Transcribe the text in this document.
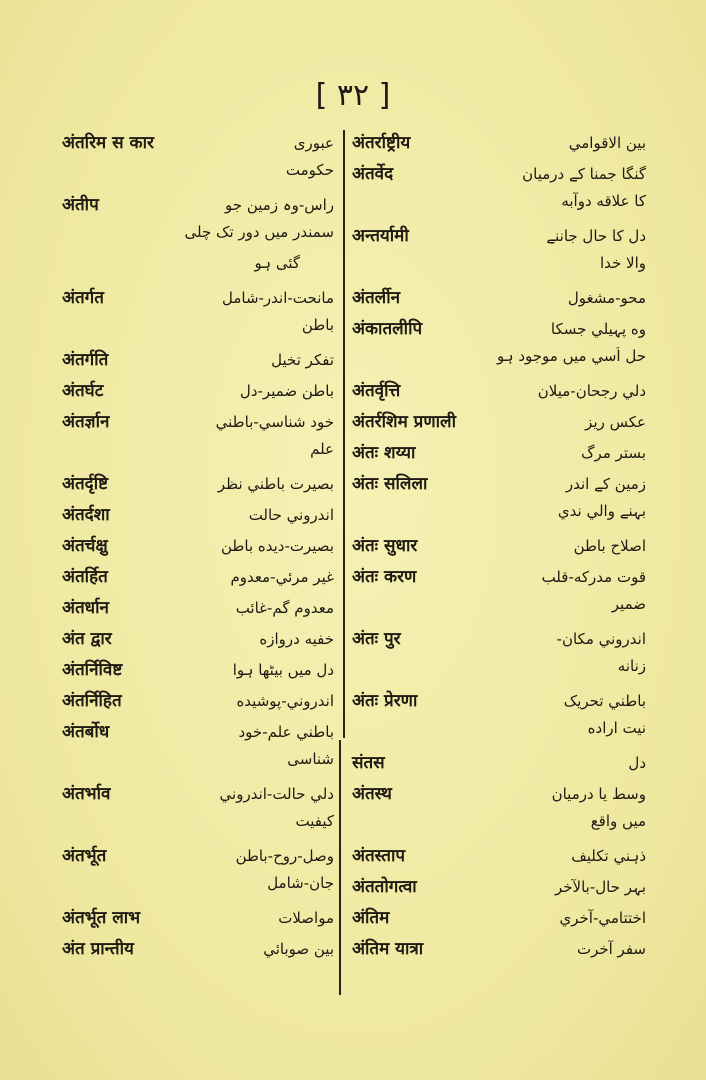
[ ٣٢ ]
अंतरिम स कार	عبوری
حکومت
अंतीप	راس-وہ زمین جو
سمندر میں دور تک چلی
گئی ہو
अंतर्गत	مانحت-اندر-شامل
باطن
अंतर्गति	تفکر تخیل
अंतर्घट	باطن ضمیر-دل
अंतर्ज्ञान	خود شناسي-باطني
علم
अंतर्दृष्टि	بصيرت باطني نظر
अंतर्दशा	اندروني حالت
अंतर्चक्षु	بصيرت-ديده باطن
अंतर्हित	غير مرئي-معدوم
अंतर्धान	معدوم گم-غائب
अंत द्वार	خفيه دروازه
अंतर्निविष्ट	دل ميں بيٹھا ہوا
अंतर्निहित	اندروني-پوشيده
अंतर्बोध	باطني علم-خود
شناسی
अंतर्भाव	دلي حالت-اندروني
کيفيت
अंतर्भूत	وصل-روح-باطن
جان-شامل
अंतर्भूत लाभ	مواصلات
अंत प्रान्तीय	بين صوبائي
अंतर्राष्ट्रीय	بين الاقوامي
अंतर्वेद	گنگا جمنا کے درميان
کا علاقه دوآبه
अन्तर्यामी	دل کا حال جاننے
والا خدا
अंतर्लीन	محو-مشغول
अंकातलीपि	وه پہيلي جسکا
حل اُسي ميں موجود ہو
अंतर्वृत्ति	دلي رجحان-ميلان
अंतर्रशिम प्रणाली	عکس ريز
अंतः शय्या	بستر مرگ
अंतः सलिला	زمين کے اندر
بہنے والي ندي
अंतः सुधार	اصلاح باطن
अंतः करण	قوت مدرکه-قلب
ضمير
अंतः पुर	اندروني مکان-
زنانه
अंतः प्रेरणा	باطني تحريک
نيت اراده
संतस	دل
अंतस्थ	وسط يا درميان
ميں واقع
अंतस्ताप	ذہني تکليف
अंततोगत्वा	بہر حال-بالآخر
अंतिम	اختتامي-آخري
अंतिम यात्रा	سفر آخرت
